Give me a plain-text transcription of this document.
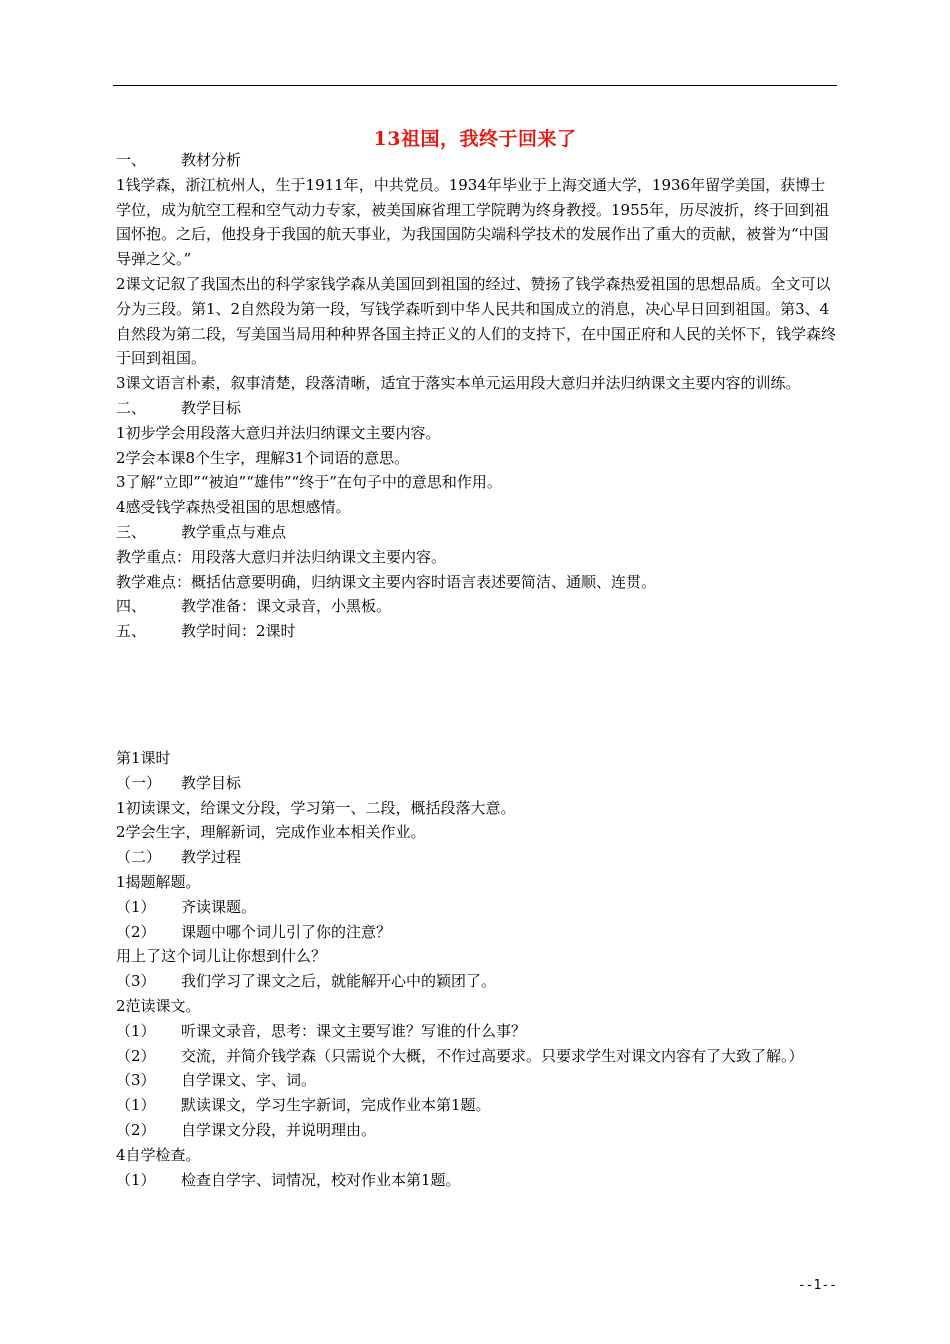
13祖国，我终于回来了
一、	教材分析

1钱学森，浙江杭州人，生于1911年，中共党员。1934年毕业于上海交通大学，1936年留学美国，获博士学位，成为航空工程和空气动力专家，被美国麻省理工学院聘为终身教授。1955年，历尽波折，终于回到祖国怀抱。之后，他投身于我国的航天事业，为我国国防尖端科学技术的发展作出了重大的贡献，被誉为“中国导弹之父。”

2课文记叙了我国杰出的科学家钱学森从美国回到祖国的经过、赞扬了钱学森热爱祖国的思想品质。全文可以分为三段。第1、2自然段为第一段，写钱学森听到中华人民共和国成立的消息，决心早日回到祖国。第3、4自然段为第二段，写美国当局用种种界各国主持正义的人们的支持下，在中国正府和人民的关怀下，钱学森终于回到祖国。

3课文语言朴素，叙事清楚，段落清晰，适宜于落实本单元运用段大意归并法归纳课文主要内容的训练。

二、	教学目标

1初步学会用段落大意归并法归纳课文主要内容。

2学会本课8个生字，理解31个词语的意思。

3了解“立即”“被迫”“雄伟”“终于”在句子中的意思和作用。

4感受钱学森热受祖国的思想感情。

三、	教学重点与难点

教学重点：用段落大意归并法归纳课文主要内容。

教学难点：概括估意要明确，归纳课文主要内容时语言表述要简洁、通顺、连贯。

四、	教学准备：课文录音，小黑板。
五、	教学时间：2课时

第1课时

（一）	教学目标

1初读课文，给课文分段，学习第一、二段，概括段落大意。

2学会生字，理解新词，完成作业本相关作业。

（二）	教学过程

1揭题解题。

（1）	齐读课题。
（2）	课题中哪个词儿引了你的注意？

用上了这个词儿让你想到什么？

（3）	我们学习了课文之后，就能解开心中的颖团了。

2范读课文。

（1）	听课文录音，思考：课文主要写谁？写谁的什么事？
（2）	交流，并简介钱学森（只需说个大概，不作过高要求。只要求学生对课文内容有了大致了解。）
（3）	自学课文、字、词。
（1）	默读课文，学习生字新词，完成作业本第1题。
（2）	自学课文分段，并说明理由。

4自学检查。

（1）	检查自学字、词情况，校对作业本第1题。
--1--
